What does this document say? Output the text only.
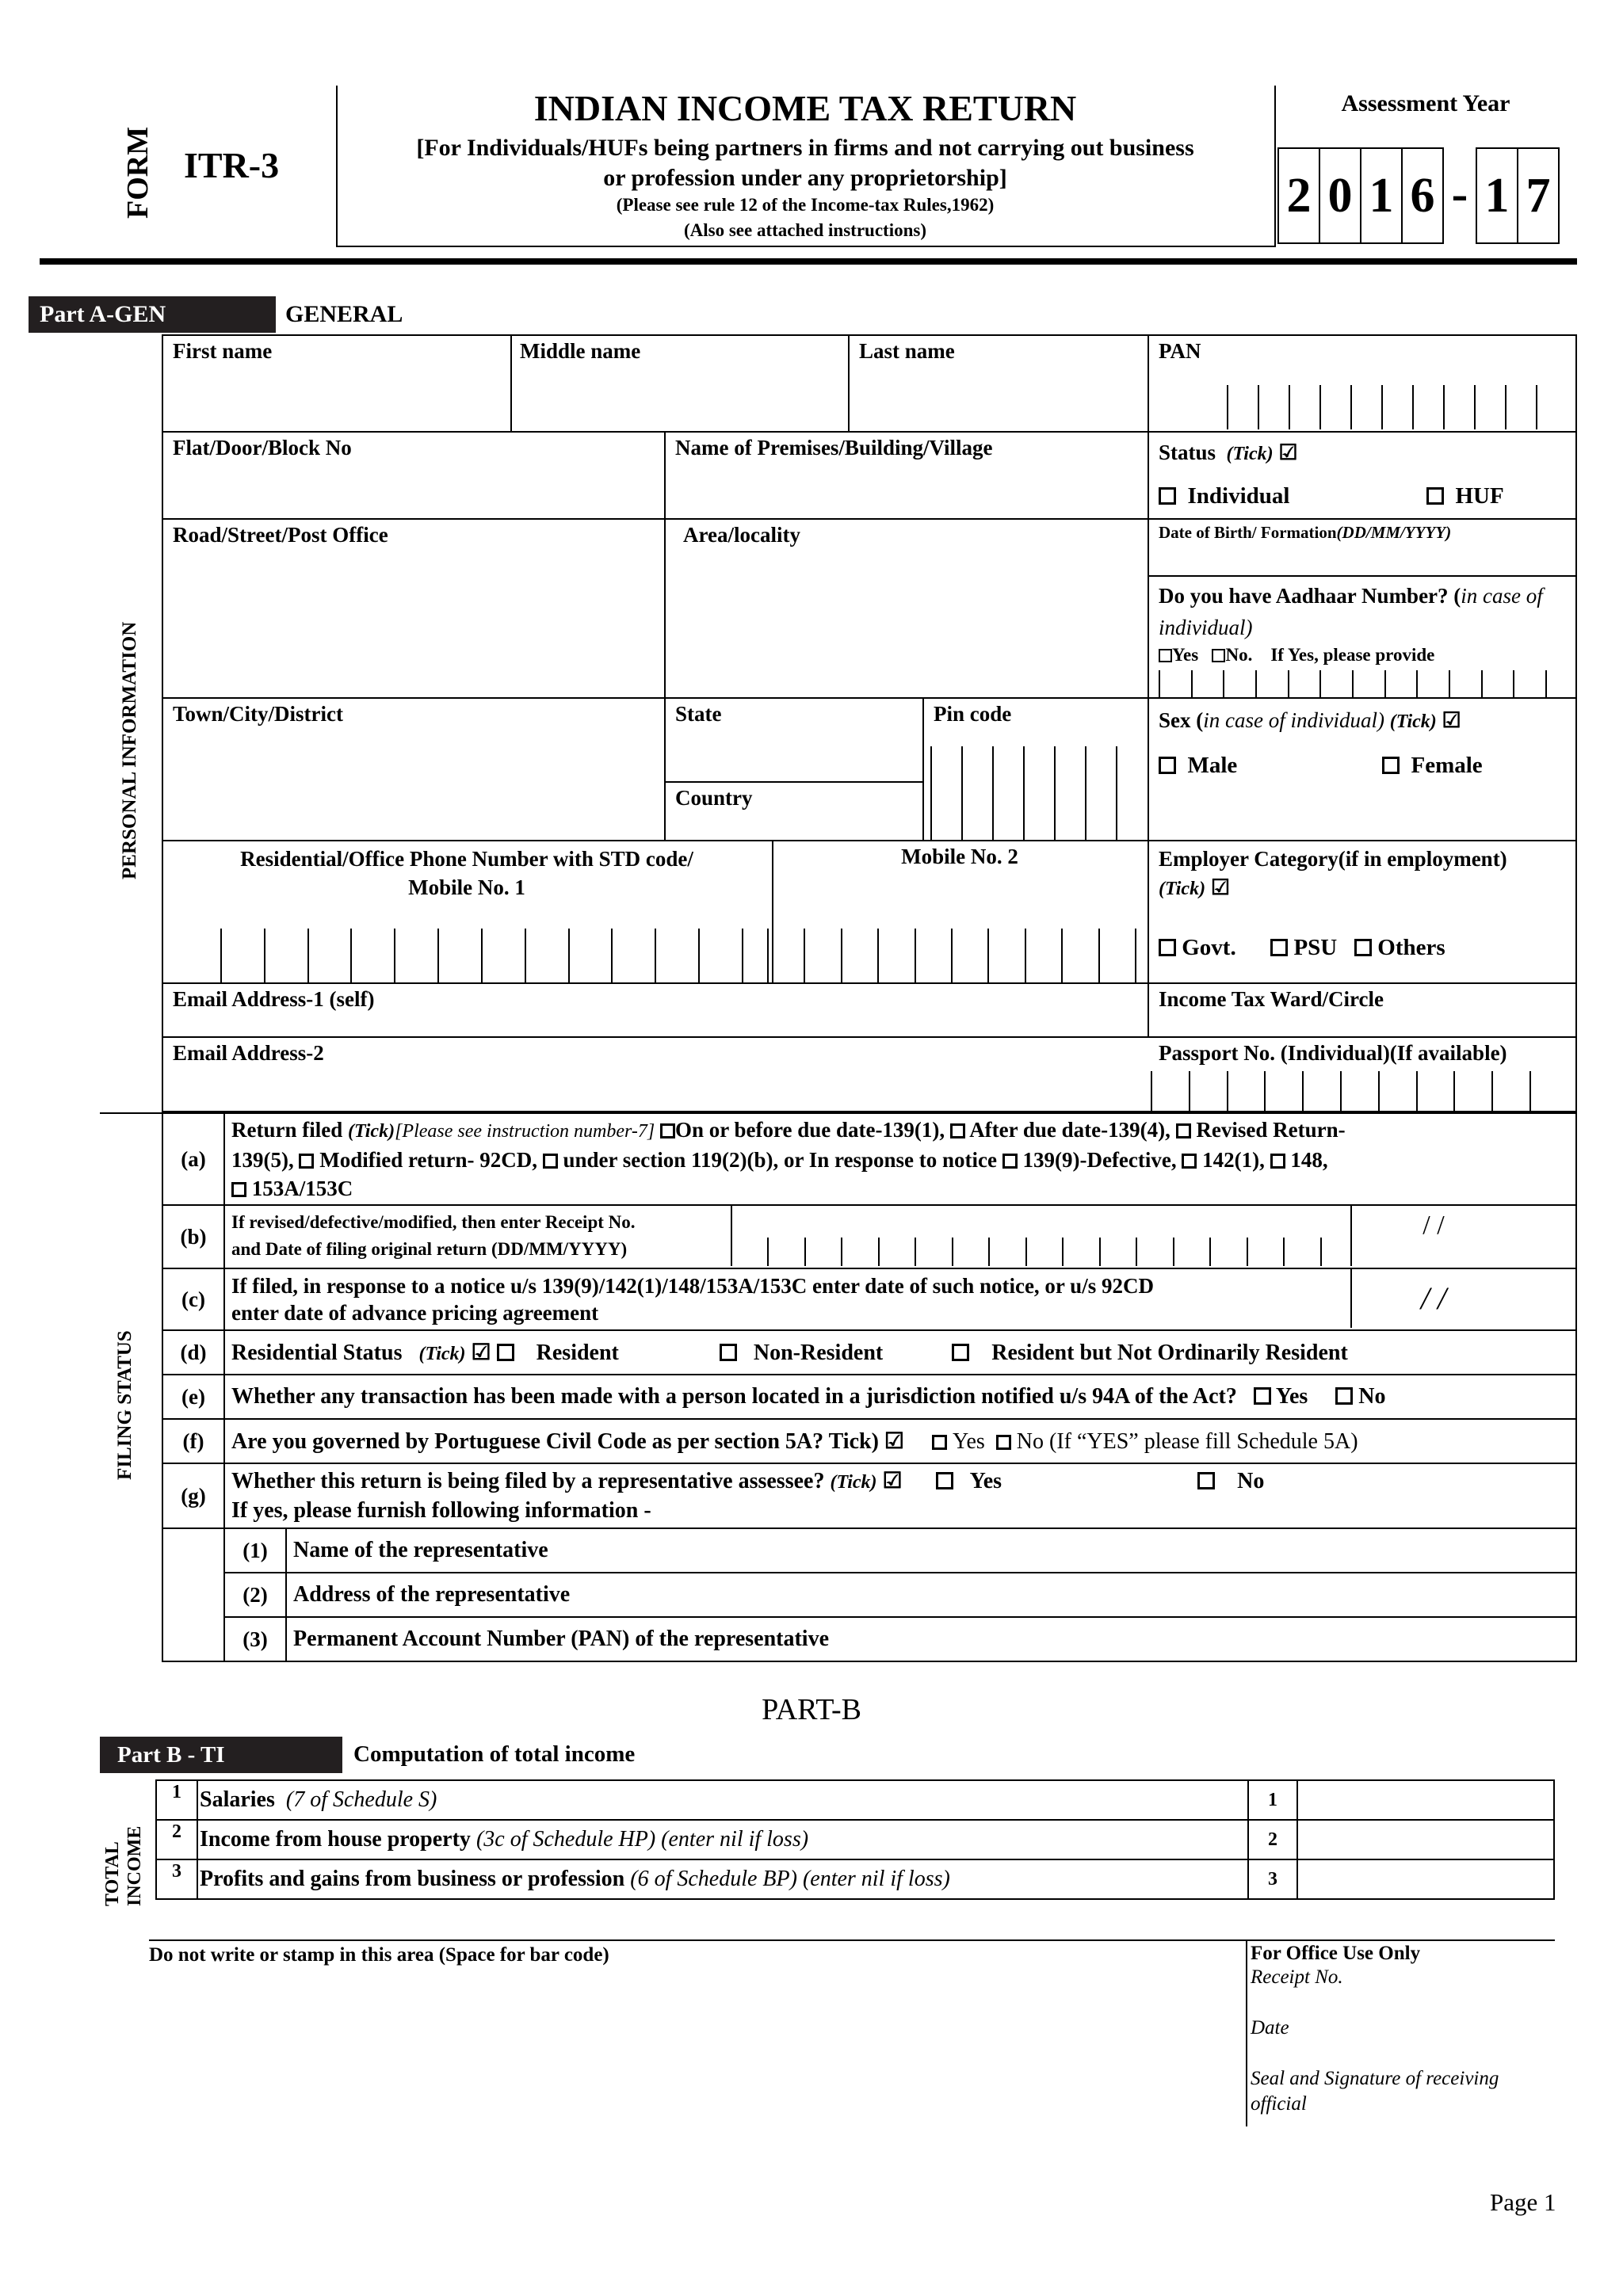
FORM ITR-3
INDIAN INCOME TAX RETURN
[For Individuals/HUFs being partners in firms and not carrying out business
or profession under any proprietorship]
(Please see rule 12 of the Income-tax Rules,1962)
(Also see attached instructions)
Assessment Year
2 0 1 6 - 1 7
Part A-GEN	GENERAL
PERSONAL INFORMATION
First name	Middle name	Last name	PAN
Flat/Door/Block No	Name of Premises/Building/Village	Status (Tick) ☑
Individual	HUF
Road/Street/Post Office	Area/locality	Date of Birth/ Formation(DD/MM/YYYY)
Do you have Aadhaar Number? (in case of individual)
Yes No. If Yes, please provide
Town/City/District	State	Pin code
Country
Sex (in case of individual) (Tick) ☑
Male	Female
Residential/Office Phone Number with STD code/
Mobile No. 1
Mobile No. 2	Employer Category(if in employment)
(Tick) ☑
Govt.	PSU Others
Email Address-1 (self)	Income Tax Ward/Circle
Email Address-2	Passport No. (Individual)(If available)
FILING STATUS
(a)	Return filed (Tick)[Please see instruction number-7] On or before due date-139(1), After due date-139(4), Revised Return-
139(5), Modified return- 92CD, under section 119(2)(b), or In response to notice 139(9)-Defective, 142(1), 148,
153A/153C	
(b)	If revised/defective/modified, then enter Receipt No.
and Date of filing original return (DD/MM/YYYY)
/ /	

(c)	If filed, in response to a notice u/s 139(9)/142(1)/148/153A/153C enter date of such notice, or u/s 92CD
enter date of advance pricing agreement / /	

(d)	Residential Status (Tick) ☑ Resident Non-Resident Resident but Not Ordinarily Resident	
(e)	Whether any transaction has been made with a person located in a jurisdiction notified u/s 94A of the Act? Yes No	
(f)	Are you governed by Portuguese Civil Code as per section 5A? Tick) ☑ Yes No (If “YES” please fill Schedule 5A)	
(g)	Whether this return is being filed by a representative assessee? (Tick) ☑ Yes No
If yes, please furnish following information -	
	(1)	Name of the representative
	(2)	Address of the representative
	(3)	Permanent Account Number (PAN) of the representative
PART-B
Part B - TI	Computation of total income
TOTAL INCOME
1	Salaries (7 of Schedule S)	1	
2	Income from house property (3c of Schedule HP) (enter nil if loss)	2	
3	Profits and gains from business or profession (6 of Schedule BP) (enter nil if loss)	3	
Do not write or stamp in this area (Space for bar code)	For Office Use Only
Receipt No.
Date
Seal and Signature of receiving official
Page 1
